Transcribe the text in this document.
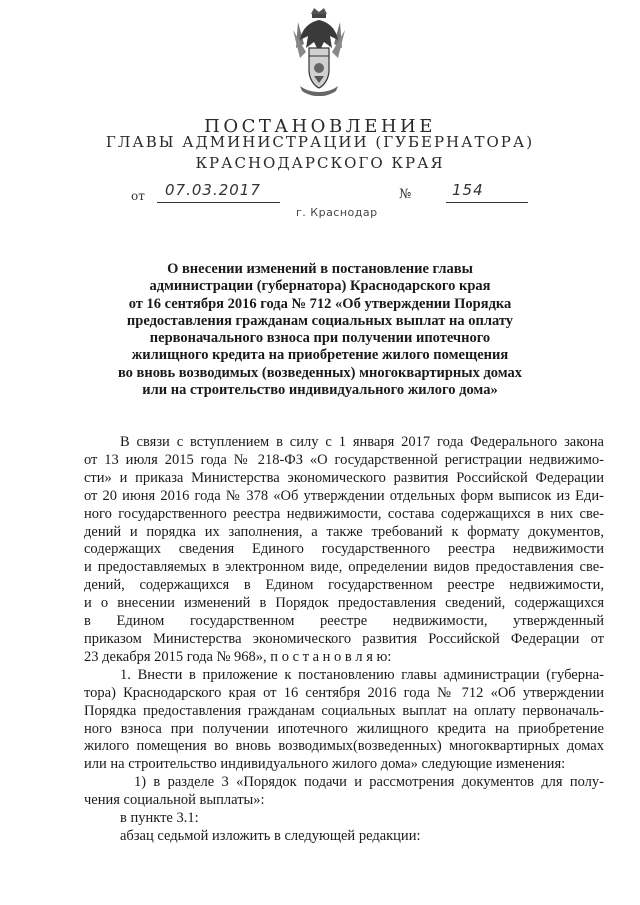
ПОСТАНОВЛЕНИЕ
ГЛАВЫ АДМИНИСТРАЦИИ (ГУБЕРНАТОРА)
КРАСНОДАРСКОГО КРАЯ
от 07.03.2017	№	154
г. Краснодар
О внесении изменений в постановление главы
администрации (губернатора) Краснодарского края
от 16 сентября 2016 года № 712 «Об утверждении Порядка
предоставления гражданам социальных выплат на оплату
первоначального взноса при получении ипотечного
жилищного кредита на приобретение жилого помещения
во вновь возводимых (возведенных) многоквартирных домах
или на строительство индивидуального жилого дома»
В связи с вступлением в силу с 1 января 2017 года Федерального закона
от 13 июля 2015 года № 218-ФЗ «О государственной регистрации недвижимо-
сти» и приказа Министерства экономического развития Российской Федерации
от 20 июня 2016 года № 378 «Об утверждении отдельных форм выписок из Еди-
ного государственного реестра недвижимости, состава содержащихся в них све-
дений и порядка их заполнения, а также требований к формату документов,
содержащих сведения Единого государственного реестра недвижимости
и предоставляемых в электронном виде, определении видов предоставления све-
дений, содержащихся в Едином государственном реестре недвижимости,
и о внесении изменений в Порядок предоставления сведений, содержащихся
в Едином государственном реестре недвижимости, утвержденный
приказом Министерства экономического развития Российской Федерации от
23 декабря 2015 года № 968», п о с т а н о в л я ю:
1. Внести в приложение к постановлению главы администрации (губерна-
тора) Краснодарского края от 16 сентября 2016 года № 712 «Об утверждении
Порядка предоставления гражданам социальных выплат на оплату первоначаль-
ного взноса при получении ипотечного жилищного кредита на приобретение
жилого помещения во вновь возводимых(возведенных) многоквартирных домах
или на строительство индивидуального жилого дома» следующие изменения:
1) в разделе 3 «Порядок подачи и рассмотрения документов для полу-
чения социальной выплаты»:
в пункте 3.1:
абзац седьмой изложить в следующей редакции:
